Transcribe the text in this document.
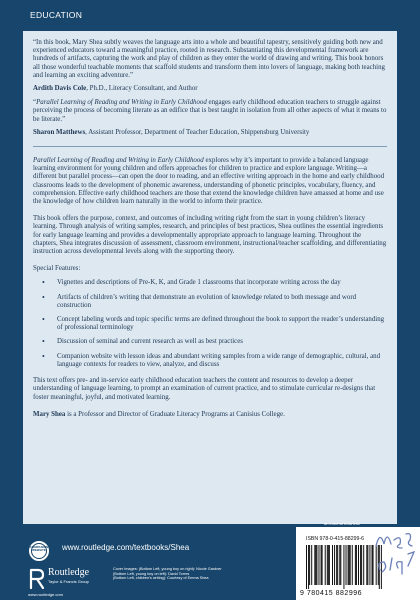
EDUCATION

“In this book, Mary Shea subtly weaves the language arts into a whole and beautiful tapestry, sensitively guiding both new and experienced educators toward a meaningful practice, rooted in research. Substantiating this developmental framework are hundreds of artifacts, capturing the work and play of children as they enter the world of drawing and writing. This book honors all those wonderful teachable moments that scaffold students and transform them into lovers of language, making both teaching and learning an exciting adventure.”

Ardith Davis Cole, Ph.D., Literacy Consultant, and Author

“Parallel Learning of Reading and Writing in Early Childhood engages early childhood education teachers to struggle against perceiving the process of becoming literate as an edifice that is best taught in isolation from all other aspects of what it means to be literate.”

Sharon Matthews, Assistant Professor, Department of Teacher Education, Shippensburg University

Parallel Learning of Reading and Writing in Early Childhood explores why it’s important to provide a balanced language learning environment for young children and offers approaches for children to practice and explore language. Writing—a different but parallel process—can open the door to reading, and an effective writing approach in the home and early childhood classrooms leads to the development of phonemic awareness, understanding of phonetic principles, vocabulary, fluency, and comprehension. Effective early childhood teachers are those that extend the knowledge children have amassed at home and use the knowledge of how children learn naturally in the world to inform their practice.

This book offers the purpose, context, and outcomes of including writing right from the start in young children’s literacy learning. Through analysis of writing samples, research, and principles of best practices, Shea outlines the essential ingredients for early language learning and provides a developmentally appropriate approach to language learning. Throughout the chapters, Shea integrates discussion of assessment, classroom environment, instructional/teacher scaffolding, and differentiating instruction across developmental levels along with the supporting theory.

Special Features:

• Vignettes and descriptions of Pre-K, K, and Grade 1 classrooms that incorporate writing across the day
• Artifacts of children’s writing that demonstrate an evolution of knowledge related to both message and word construction
• Concept labeling words and topic specific terms are defined throughout the book to support the reader’s understanding of professional terminology
• Discussion of seminal and current research as well as best practices
• Companion website with lesson ideas and abundant writing samples from a wide range of demographic, cultural, and language contexts for readers to view, analyze, and discuss

This text offers pre- and in-service early childhood education teachers the content and resources to develop a deeper understanding of language learning, to prompt an examination of current practice, and to stimulate curricular re-designs that foster meaningful, joyful, and motivated learning.

Mary Shea is a Professor and Director of Graduate Literacy Programs at Canisius College.

COMPANION WEBSITE	www.routledge.com/textbooks/Shea
Routledge
Taylor & Francis Group
www.routledge.com
Cover Images: (Bottom Left, young boy on right): Nicole Gardner
(Bottom Left, young boy on left): David Torres
(Bottom Left, children’s writing): Courtesy of Emma Shea
an informa business
ISBN 978-0-415-88299-6
9 780415 882996
